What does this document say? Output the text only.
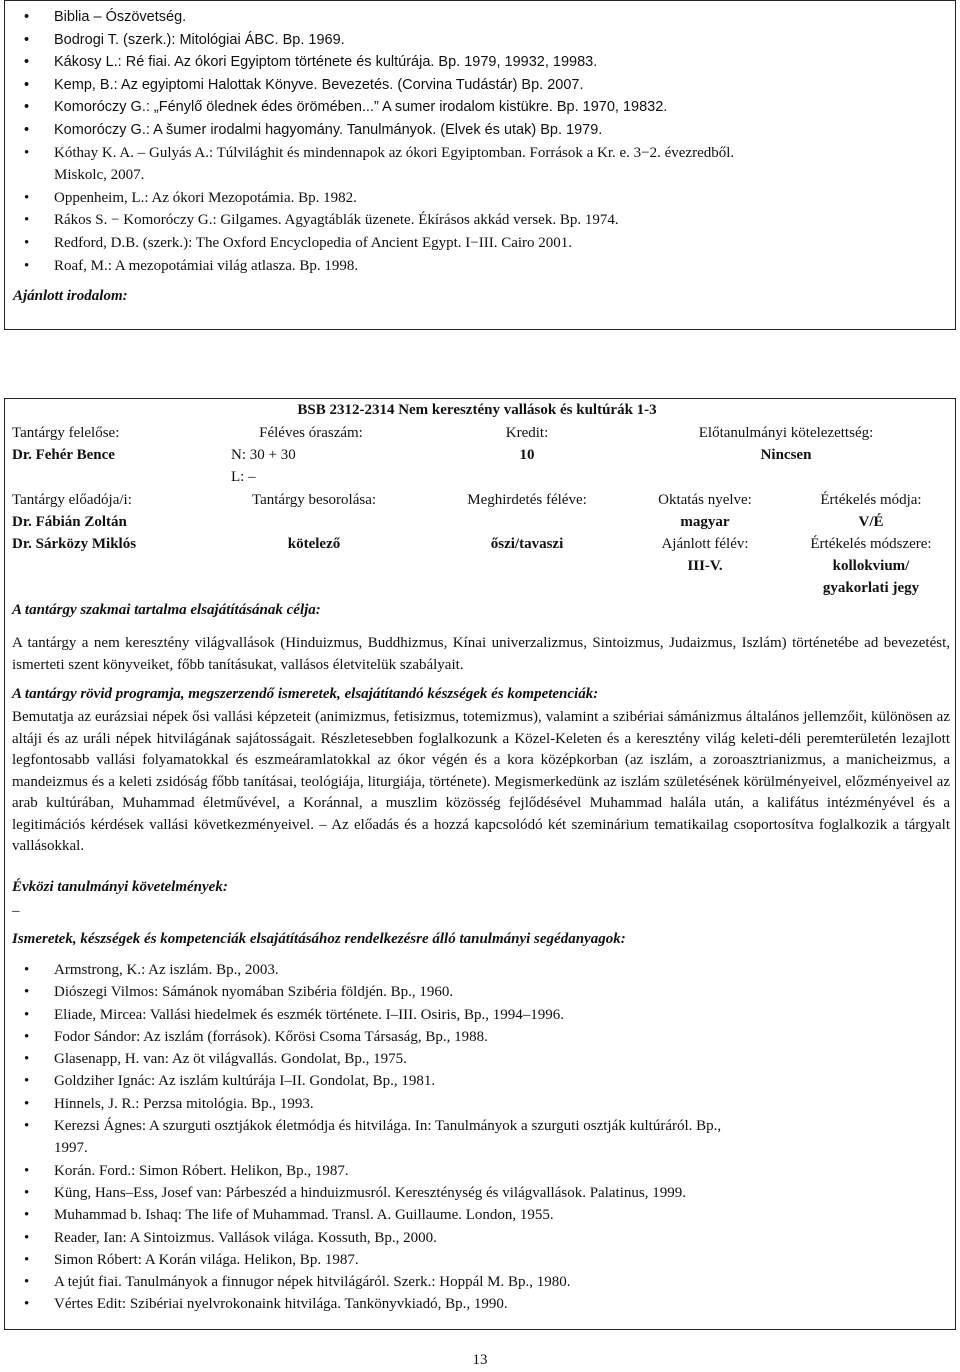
• Biblia – Ószövetség.
• Bodrogi T. (szerk.): Mitológiai ÁBC. Bp. 1969.
• Kákosy L.: Ré fiai. Az ókori Egyiptom története és kultúrája. Bp. 1979, 19932, 19983.
• Kemp, B.: Az egyiptomi Halottak Könyve. Bevezetés. (Corvina Tudástár) Bp. 2007.
• Komoróczy G.: „Fénylő ölednek édes örömében...” A sumer irodalom kistükre. Bp. 1970, 19832.
• Komoróczy G.: A šumer irodalmi hagyomány. Tanulmányok. (Elvek és utak) Bp. 1979.
• Kóthay K. A. – Gulyás A.: Túlvilághit és mindennapok az ókori Egyiptomban. Források a Kr. e. 3−2. évezredből.
Miskolc, 2007.
• Oppenheim, L.: Az ókori Mezopotámia. Bp. 1982.
• Rákos S. − Komoróczy G.: Gilgames. Agyagtáblák üzenete. Ékírásos akkád versek. Bp. 1974.
• Redford, D.B. (szerk.): The Oxford Encyclopedia of Ancient Egypt. I−III. Cairo 2001.
• Roaf, M.: A mezopotámiai világ atlasza. Bp. 1998.
Ajánlott irodalom:
BSB 2312-2314 Nem keresztény vallások és kultúrák 1-3
Tantárgy felelőse:
Dr. Fehér Bence
Féléves óraszám:
N: 30 + 30
L: –
Kredit:
10
Előtanulmányi kötelezettség:
Nincsen
Tantárgy előadója/i:
Dr. Fábián Zoltán
Dr. Sárközy Miklós
Tantárgy besorolása:
kötelező
Meghirdetés féléve:
őszi/tavaszi
Oktatás nyelve:
magyar
Ajánlott félév:
III-V.
Értékelés módja:
V/É
Értékelés módszere:
kollokvium/
gyakorlati jegy
A tantárgy szakmai tartalma elsajátításának célja:
A tantárgy a nem keresztény világvallások (Hinduizmus, Buddhizmus, Kínai univerzalizmus, Sintoizmus, Judaizmus, Iszlám) történetébe ad bevezetést, ismerteti szent könyveiket, főbb tanításukat, vallásos életvitelük szabályait.
A tantárgy rövid programja, megszerzendő ismeretek, elsajátítandó készségek és kompetenciák:
Bemutatja az eurázsiai népek ősi vallási képzeteit (animizmus, fetisizmus, totemizmus), valamint a szibériai sámánizmus általános jellemzőit, különösen az altáji és az uráli népek hitvilágának sajátosságait. Részletesebben foglalkozunk a Közel-Keleten és a keresztény világ keleti-déli peremterületén lezajlott legfontosabb vallási folyamatokkal és eszmeáramlatokkal az ókor végén és a kora középkorban (az iszlám, a zoroasztrianizmus, a manicheizmus, a mandeizmus és a keleti zsidóság főbb tanításai, teológiája, liturgiája, története). Megismerkedünk az iszlám születésének körülményeivel, előzményeivel az arab kultúrában, Muhammad életművével, a Koránnal, a muszlim közösség fejlődésével Muhammad halála után, a kalifátus intézményével és a legitimációs kérdések vallási következményeivel. – Az előadás és a hozzá kapcsolódó két szeminárium tematikailag csoportosítva foglalkozik a tárgyalt vallásokkal.
Évközi tanulmányi követelmények:
–
Ismeretek, készségek és kompetenciák elsajátításához rendelkezésre álló tanulmányi segédanyagok:
• Armstrong, K.: Az iszlám. Bp., 2003.
• Diószegi Vilmos: Sámánok nyomában Szibéria földjén. Bp., 1960.
• Eliade, Mircea: Vallási hiedelmek és eszmék története. I–III. Osiris, Bp., 1994–1996.
• Fodor Sándor: Az iszlám (források). Kőrösi Csoma Társaság, Bp., 1988.
• Glasenapp, H. van: Az öt világvallás. Gondolat, Bp., 1975.
• Goldziher Ignác: Az iszlám kultúrája I–II. Gondolat, Bp., 1981.
• Hinnels, J. R.: Perzsa mitológia. Bp., 1993.
• Kerezsi Ágnes: A szurguti osztjákok életmódja és hitvilága. In: Tanulmányok a szurguti osztják kultúráról. Bp.,
1997.
• Korán. Ford.: Simon Róbert. Helikon, Bp., 1987.
• Küng, Hans–Ess, Josef van: Párbeszéd a hinduizmusról. Kereszténység és világvallások. Palatinus, 1999.
• Muhammad b. Ishaq: The life of Muhammad. Transl. A. Guillaume. London, 1955.
• Reader, Ian: A Sintoizmus. Vallások világa. Kossuth, Bp., 2000.
• Simon Róbert: A Korán világa. Helikon, Bp. 1987.
• A tejút fiai. Tanulmányok a finnugor népek hitvilágáról. Szerk.: Hoppál M. Bp., 1980.
• Vértes Edit: Szibériai nyelvrokonaink hitvilága. Tankönyvkiadó, Bp., 1990.
13
